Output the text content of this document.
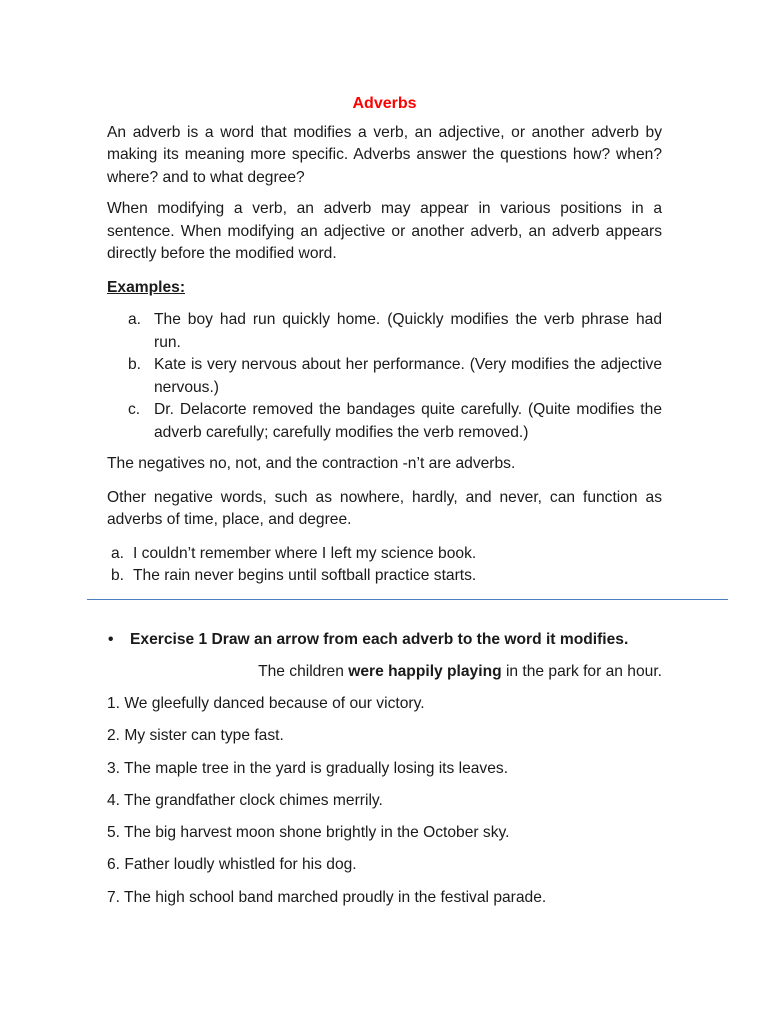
Adverbs

An adverb is a word that modifies a verb, an adjective, or another adverb by making its meaning more specific. Adverbs answer the questions how? when? where? and to what degree?

When modifying a verb, an adverb may appear in various positions in a sentence. When modifying an adjective or another adverb, an adverb appears directly before the modified word.

Examples:
a. The boy had run quickly home. (Quickly modifies the verb phrase had run.
b. Kate is very nervous about her performance. (Very modifies the adjective nervous.)
c. Dr. Delacorte removed the bandages quite carefully. (Quite modifies the adverb carefully; carefully modifies the verb removed.)

The negatives no, not, and the contraction -n’t are adverbs.

Other negative words, such as nowhere, hardly, and never, can function as adverbs of time, place, and degree.

a. I couldn’t remember where I left my science book.
b. The rain never begins until softball practice starts.
•	Exercise 1 Draw an arrow from each adverb to the word it modifies.
The children were happily playing in the park for an hour.
1. We gleefully danced because of our victory.
2. My sister can type fast.
3. The maple tree in the yard is gradually losing its leaves.
4. The grandfather clock chimes merrily.
5. The big harvest moon shone brightly in the October sky.
6. Father loudly whistled for his dog.
7. The high school band marched proudly in the festival parade.
